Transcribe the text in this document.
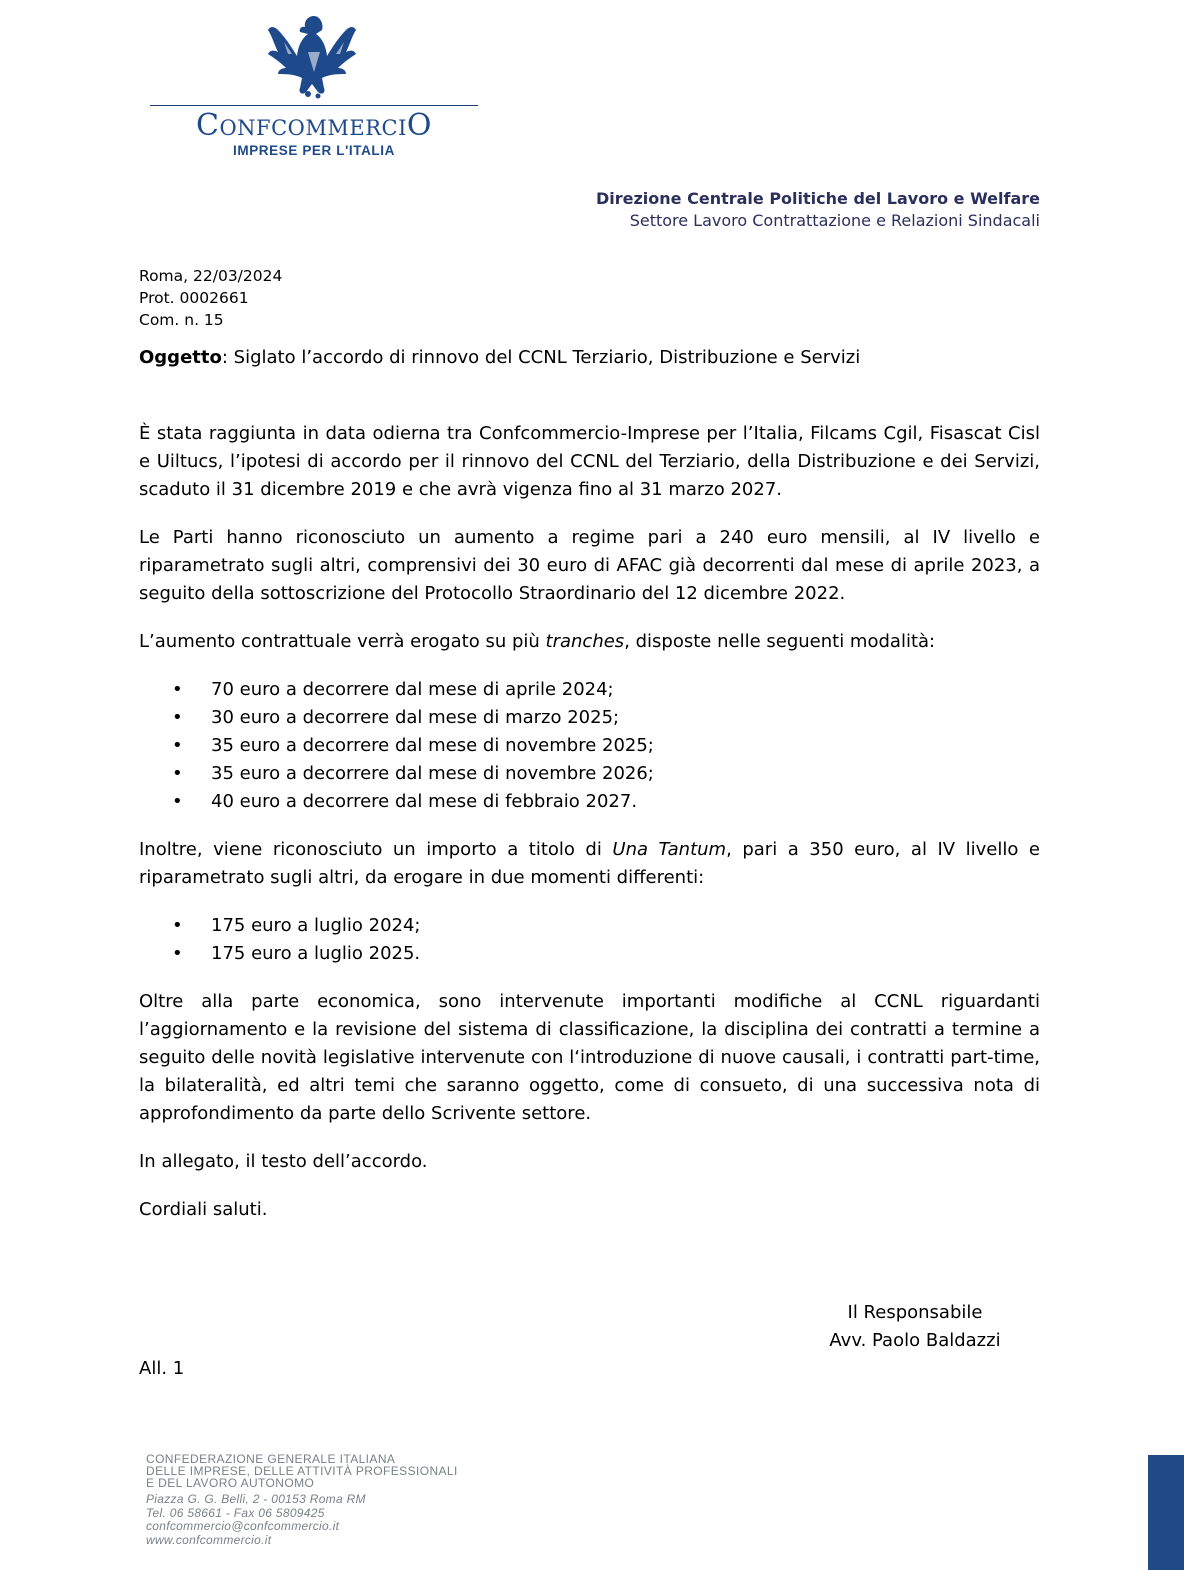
ConfcommerciO
IMPRESE PER L'ITALIA
Direzione Centrale Politiche del Lavoro e Welfare
Settore Lavoro Contrattazione e Relazioni Sindacali
Roma, 22/03/2024
Prot. 0002661
Com. n. 15
Oggetto: Siglato l’accordo di rinnovo del CCNL Terziario, Distribuzione e Servizi

È stata raggiunta in data odierna tra Confcommercio-Imprese per l’Italia, Filcams Cgil, Fisascat Cisl e Uiltucs, l’ipotesi di accordo per il rinnovo del CCNL del Terziario, della Distribuzione e dei Servizi, scaduto il 31 dicembre 2019 e che avrà vigenza fino al 31 marzo 2027.

Le Parti hanno riconosciuto un aumento a regime pari a 240 euro mensili, al IV livello e riparametrato sugli altri, comprensivi dei 30 euro di AFAC già decorrenti dal mese di aprile 2023, a seguito della sottoscrizione del Protocollo Straordinario del 12 dicembre 2022.

L’aumento contrattuale verrà erogato su più tranches, disposte nelle seguenti modalità:

• 70 euro a decorrere dal mese di aprile 2024;
• 30 euro a decorrere dal mese di marzo 2025;
• 35 euro a decorrere dal mese di novembre 2025;
• 35 euro a decorrere dal mese di novembre 2026;
• 40 euro a decorrere dal mese di febbraio 2027.

Inoltre, viene riconosciuto un importo a titolo di Una Tantum, pari a 350 euro, al IV livello e riparametrato sugli altri, da erogare in due momenti differenti:

• 175 euro a luglio 2024;
• 175 euro a luglio 2025.

Oltre alla parte economica, sono intervenute importanti modifiche al CCNL riguardanti l’aggiornamento e la revisione del sistema di classificazione, la disciplina dei contratti a termine a seguito delle novità legislative intervenute con l‘introduzione di nuove causali, i contratti part-time, la bilateralità, ed altri temi che saranno oggetto, come di consueto, di una successiva nota di approfondimento da parte dello Scrivente settore.

In allegato, il testo dell’accordo.

Cordiali saluti.

Il Responsabile
Avv. Paolo Baldazzi
All. 1
CONFEDERAZIONE GENERALE ITALIANA
DELLE IMPRESE, DELLE ATTIVITÀ PROFESSIONALI
E DEL LAVORO AUTONOMO
Piazza G. G. Belli, 2 - 00153 Roma RM
Tel. 06 58661 - Fax 06 5809425
confcommercio@confcommercio.it
www.confcommercio.it
